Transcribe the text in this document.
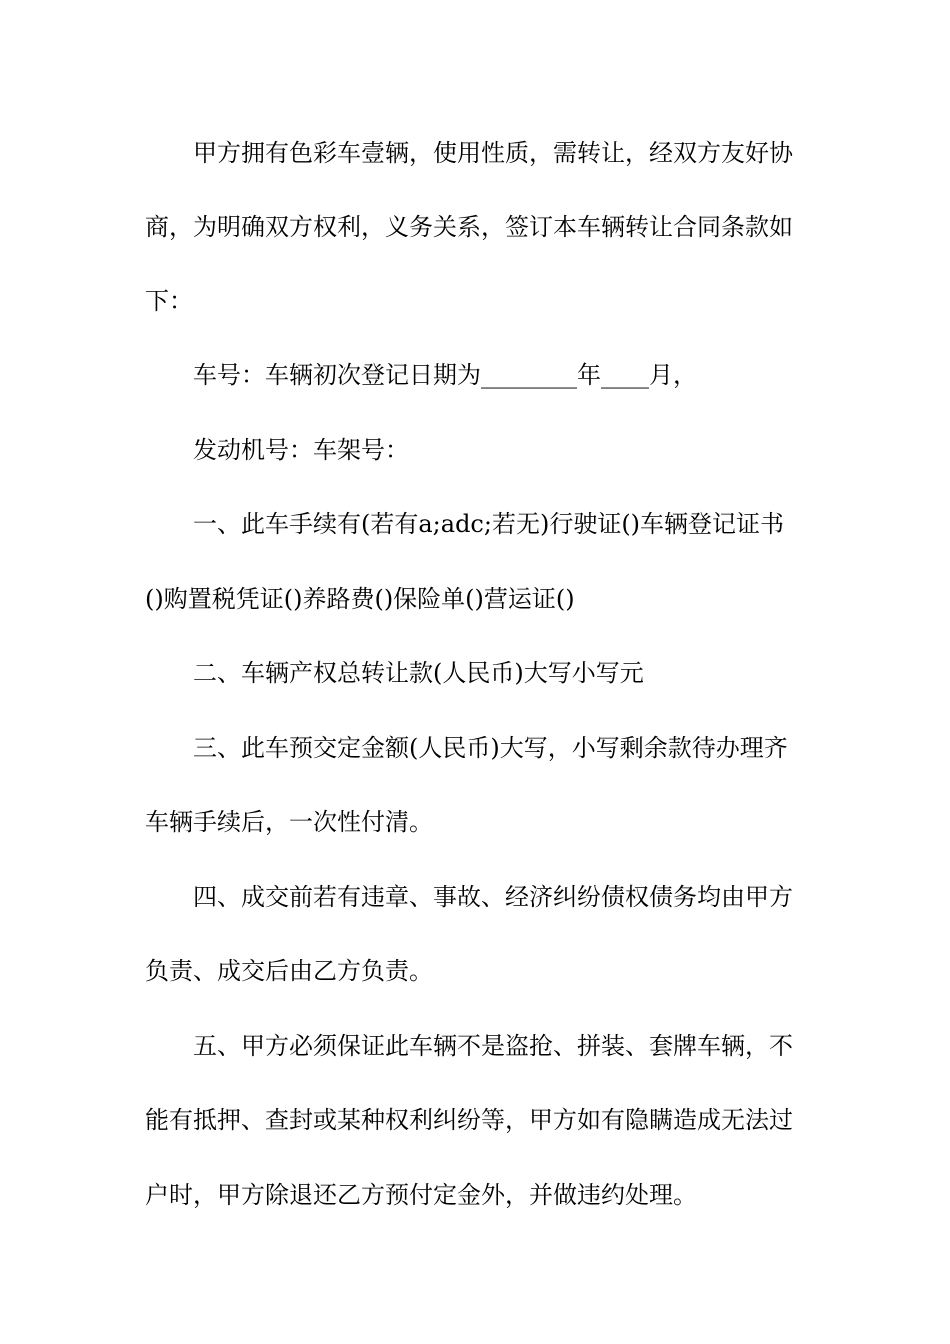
甲方拥有色彩车壹辆，使用性质，需转让，经双方友好协
商，为明确双方权利，义务关系，签订本车辆转让合同条款如
下：
车号：车辆初次登记日期为________年____月，
发动机号：车架号：
一、此车手续有(若有a;adc;若无)行驶证()车辆登记证书
()购置税凭证()养路费()保险单()营运证()
二、车辆产权总转让款(人民币)大写小写元
三、此车预交定金额(人民币)大写，小写剩余款待办理齐
车辆手续后，一次性付清。
四、成交前若有违章、事故、经济纠纷债权债务均由甲方
负责、成交后由乙方负责。
五、甲方必须保证此车辆不是盗抢、拼装、套牌车辆，不
能有抵押、查封或某种权利纠纷等，甲方如有隐瞒造成无法过
户时，甲方除退还乙方预付定金外，并做违约处理。
